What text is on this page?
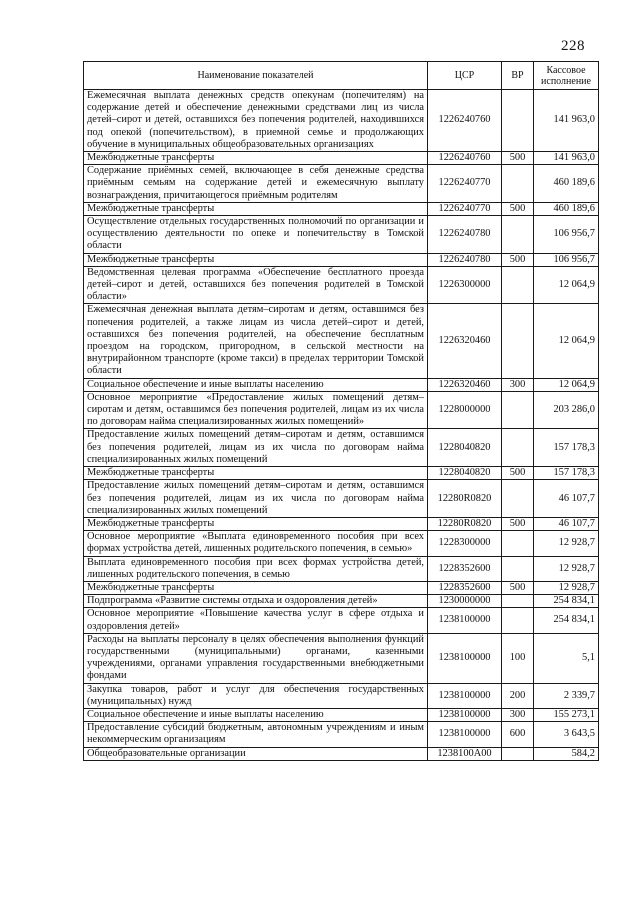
228
Наименование показателей	ЦСР	ВР	Кассовое исполнение
Ежемесячная выплата денежных средств опекунам (попечителям) на содержание детей и обеспечение денежными средствами лиц из числа детей–сирот и детей, оставшихся без попечения родителей, находившихся под опекой (попечительством), в приемной семье и продолжающих обучение в муниципальных общеобразовательных организациях	1226240760		141 963,0
Межбюджетные трансферты	1226240760	500	141 963,0
Содержание приёмных семей, включающее в себя денежные средства приёмным семьям на содержание детей и ежемесячную выплату вознаграждения, причитающегося приёмным родителям	1226240770		460 189,6
Межбюджетные трансферты	1226240770	500	460 189,6
Осуществление отдельных государственных полномочий по организации и осуществлению деятельности по опеке и попечительству в Томской области	1226240780		106 956,7
Межбюджетные трансферты	1226240780	500	106 956,7
Ведомственная целевая программа «Обеспечение бесплатного проезда детей–сирот и детей, оставшихся без попечения родителей в Томской области»	1226300000		12 064,9
Ежемесячная денежная выплата детям–сиротам и детям, оставшимся без попечения родителей, а также лицам из числа детей–сирот и детей, оставшихся без попечения родителей, на обеспечение бесплатным проездом на городском, пригородном, в сельской местности на внутрирайонном транспорте (кроме такси) в пределах территории Томской области	1226320460		12 064,9
Социальное обеспечение и иные выплаты населению	1226320460	300	12 064,9
Основное мероприятие «Предоставление жилых помещений детям–сиротам и детям, оставшимся без попечения родителей, лицам из их числа по договорам найма специализированных жилых помещений»	1228000000		203 286,0
Предоставление жилых помещений детям–сиротам и детям, оставшимся без попечения родителей, лицам из их числа по договорам найма специализированных жилых помещений	1228040820		157 178,3
Межбюджетные трансферты	1228040820	500	157 178,3
Предоставление жилых помещений детям–сиротам и детям, оставшимся без попечения родителей, лицам из их числа по договорам найма специализированных жилых помещений	12280R0820		46 107,7
Межбюджетные трансферты	12280R0820	500	46 107,7
Основное мероприятие «Выплата единовременного пособия при всех формах устройства детей, лишенных родительского попечения, в семью»	1228300000		12 928,7
Выплата единовременного пособия при всех формах устройства детей, лишенных родительского попечения, в семью	1228352600		12 928,7
Межбюджетные трансферты	1228352600	500	12 928,7
Подпрограмма «Развитие системы отдыха и оздоровления детей»	1230000000		254 834,1
Основное мероприятие «Повышение качества услуг в сфере отдыха и оздоровления детей»	1238100000		254 834,1
Расходы на выплаты персоналу в целях обеспечения выполнения функций государственными (муниципальными) органами, казенными учреждениями, органами управления государственными внебюджетными фондами	1238100000	100	5,1
Закупка товаров, работ и услуг для обеспечения государственных (муниципальных) нужд	1238100000	200	2 339,7
Социальное обеспечение и иные выплаты населению	1238100000	300	155 273,1
Предоставление субсидий бюджетным, автономным учреждениям и иным некоммерческим организациям	1238100000	600	3 643,5
Общеобразовательные организации	1238100А00		584,2
